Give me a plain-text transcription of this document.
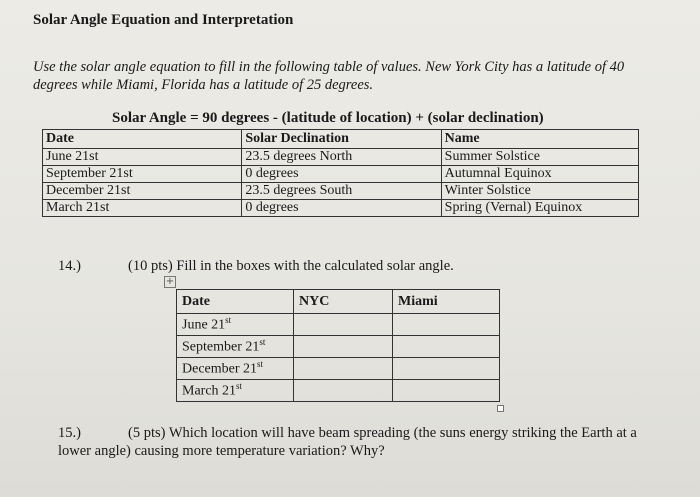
Solar Angle Equation and Interpretation
Use the solar angle equation to fill in the following table of values. New York City has a latitude of 40 degrees while Miami, Florida has a latitude of 25 degrees.
Solar Angle = 90 degrees - (latitude of location) + (solar declination)
Date	Solar Declination	Name
June 21st	23.5 degrees North	Summer Solstice
September 21st	0 degrees	Autumnal Equinox
December 21st	23.5 degrees South	Winter Solstice
March 21st	0 degrees	Spring (Vernal) Equinox
14.)	(10 pts) Fill in the boxes with the calculated solar angle.
+
Date	NYC	Miami
June 21st		
September 21st		
December 21st		
March 21st		
15.)	(5 pts) Which location will have beam spreading (the suns energy striking the Earth at a lower angle) causing more temperature variation? Why?
